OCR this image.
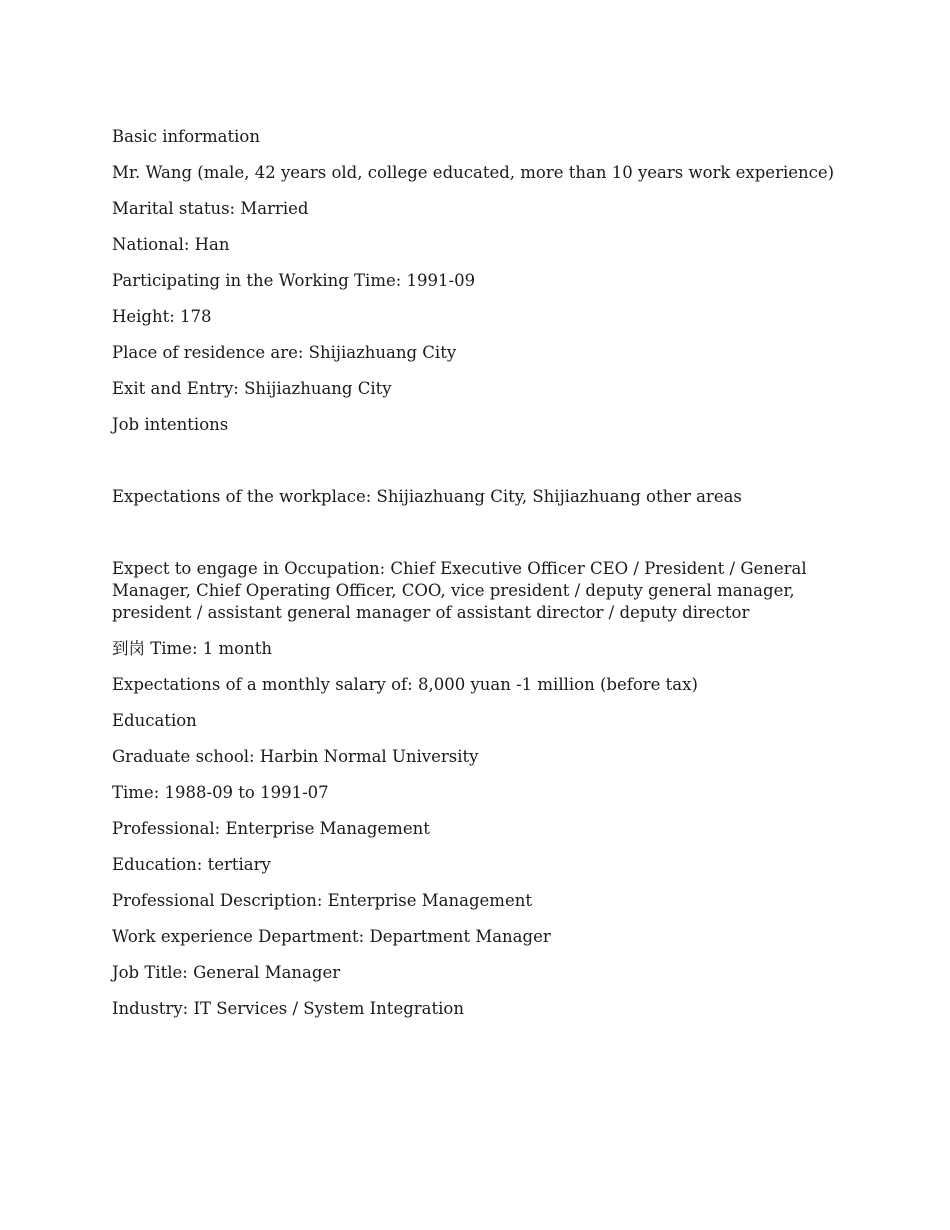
Basic information

Mr. Wang (male, 42 years old, college educated, more than 10 years work experience)

Marital status: Married

National: Han

Participating in the Working Time: 1991-09

Height: 178

Place of residence are: Shijiazhuang City

Exit and Entry: Shijiazhuang City

Job intentions

Expectations of the workplace: Shijiazhuang City, Shijiazhuang other areas

Expect to engage in Occupation: Chief Executive Officer CEO / President / General Manager, Chief Operating Officer, COO, vice president / deputy general manager, president / assistant general manager of assistant director / deputy director

到岗 Time: 1 month

Expectations of a monthly salary of: 8,000 yuan -1 million (before tax)

Education

Graduate school: Harbin Normal University

Time: 1988-09 to 1991-07

Professional: Enterprise Management

Education: tertiary

Professional Description: Enterprise Management

Work experience Department: Department Manager

Job Title: General Manager

Industry: IT Services / System Integration
